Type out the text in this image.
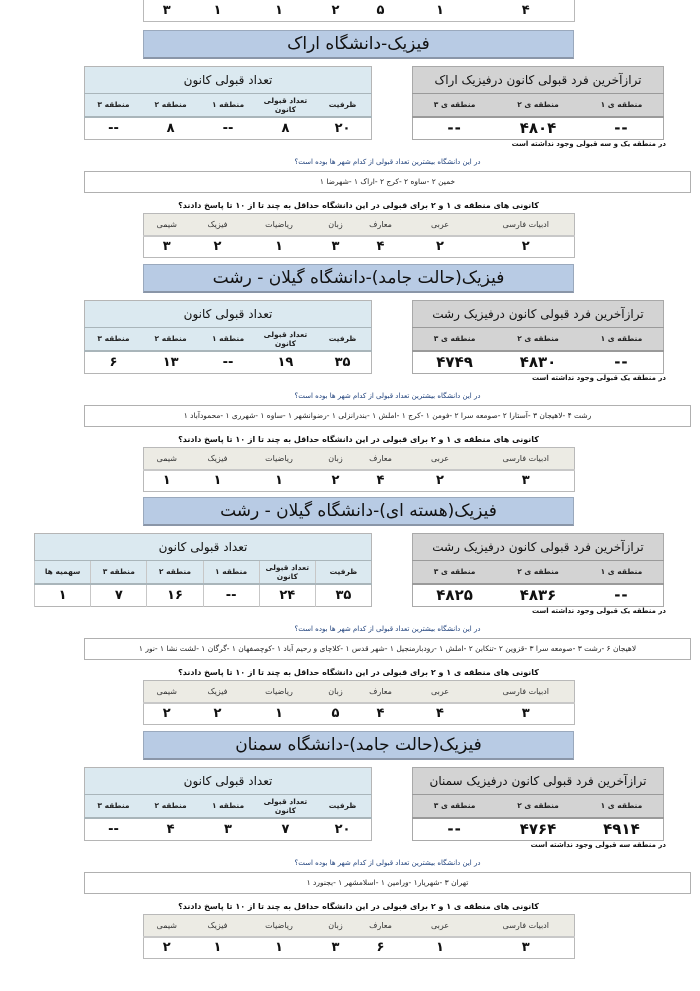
۴	۱	۵	۲	۱	۱	۳
فیزیک-دانشگاه اراک
ترازآخرین فرد قبولی کانون درفیزیک اراک		
منطقه ی ۱	منطقه ی ۲	منطقه ی ۳
--	۴۸۰۴	--
تعداد قبولی کانون				
ظرفیت	تعداد قبولی کانون	منطقه ۱	منطقه ۲	منطقه ۳
۲۰	۸	--	۸	--
در منطقه یک و سه قبولی وجود نداشته است
در این دانشگاه بیشترین تعداد قبولی از کدام شهر ها بوده است؟
خمین ۲ -ساوه ۲ -کرج ۲ -اراک ۱ -شهرضا ۱
کانونی های منطقه ی ۱ و ۲ برای قبولی در این دانشگاه حداقل به چند تا از ۱۰ تا پاسخ دادند؟
ادبیات فارسی	عربی	معارف	زبان	ریاضیات	فیزیک	شیمی
۲	۲	۴	۳	۱	۲	۳
فیزیک(حالت جامد)-دانشگاه گیلان - رشت
ترازآخرین فرد قبولی کانون درفیزیک رشت		
منطقه ی ۱	منطقه ی ۲	منطقه ی ۳
--	۴۸۳۰	۴۷۴۹
تعداد قبولی کانون				
ظرفیت	تعداد قبولی کانون	منطقه ۱	منطقه ۲	منطقه ۳
۳۵	۱۹	--	۱۳	۶
در منطقه یک قبولی وجود نداشته است
در این دانشگاه بیشترین تعداد قبولی از کدام شهر ها بوده است؟
رشت ۴ -لاهیجان ۳ -آستارا ۲ -صومعه سرا ۲ -فومن ۱ -کرج ۱ -املش ۱ -بندرانزلی ۱ -رضوانشهر ۱ -ساوه ۱ -شهرری ۱ -محمودآباد ۱
کانونی های منطقه ی ۱ و ۲ برای قبولی در این دانشگاه حداقل به چند تا از ۱۰ تا پاسخ دادند؟
ادبیات فارسی	عربی	معارف	زبان	ریاضیات	فیزیک	شیمی
۳	۲	۴	۲	۱	۱	۱
فیزیک(هسته ای)-دانشگاه گیلان - رشت
ترازآخرین فرد قبولی کانون درفیزیک رشت		
منطقه ی ۱	منطقه ی ۲	منطقه ی ۳
--	۴۸۳۶	۴۸۲۵
تعداد قبولی کانون					
ظرفیت	تعداد قبولی کانون	منطقه ۱	منطقه ۲	منطقه ۳	سهمیه ها
۳۵	۲۴	--	۱۶	۷	۱
در منطقه یک قبولی وجود نداشته است
در این دانشگاه بیشترین تعداد قبولی از کدام شهر ها بوده است؟
لاهیجان ۶ -رشت ۳ -صومعه سرا ۳ -قزوین ۲ -تنکابن ۲ -املش ۱ -رودبارمنجیل ۱ -شهر قدس ۱ -کلاچای و رحیم آباد ۱ -کوچصفهان ۱ -گرگان ۱ -لشت نشا ۱ -نور ۱
کانونی های منطقه ی ۱ و ۲ برای قبولی در این دانشگاه حداقل به چند تا از ۱۰ تا پاسخ دادند؟
ادبیات فارسی	عربی	معارف	زبان	ریاضیات	فیزیک	شیمی
۳	۴	۴	۵	۱	۲	۲
فیزیک(حالت جامد)-دانشگاه سمنان
ترازآخرین فرد قبولی کانون درفیزیک سمنان		
منطقه ی ۱	منطقه ی ۲	منطقه ی ۳
۴۹۱۴	۴۷۶۴	--
تعداد قبولی کانون				
ظرفیت	تعداد قبولی کانون	منطقه ۱	منطقه ۲	منطقه ۳
۲۰	۷	۳	۴	--
در منطقه سه قبولی وجود نداشته است
در این دانشگاه بیشترین تعداد قبولی از کدام شهر ها بوده است؟
تهران ۳ -شهریار۱ -ورامین ۱ -اسلامشهر ۱ -بجنورد ۱
کانونی های منطقه ی ۱ و ۲ برای قبولی در این دانشگاه حداقل به چند تا از ۱۰ تا پاسخ دادند؟
ادبیات فارسی	عربی	معارف	زبان	ریاضیات	فیزیک	شیمی
۳	۱	۶	۳	۱	۱	۲
